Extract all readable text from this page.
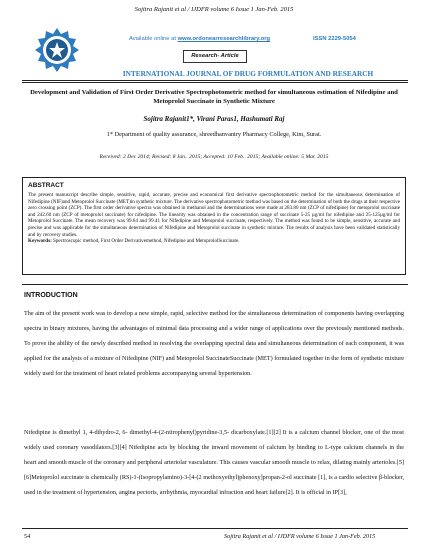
Sojitra Rajanit et al / IJDFR volume 6 Issue 1 Jan-Feb. 2015
Available online at www.ordonearresearchlibrary.org	ISSN 2229-5054
Research- Article
INTERNATIONAL JOURNAL OF DRUG FORMULATION AND RESEARCH
Development and Validation of First Order Derivative Spectrophotometric method for simultaneous estimation of Nifedipine and Metoprolol Succinate in Synthetic Mixture
Sojitra Rajanit1*, Virani Paras1, Hashumati Raj
1* Department of quality assurance, shreedhanvantry Pharmacy College, Kim, Surat.
Received: 2 Dec 2014; Revised: 8 Jan.. 2015; Accepted: 10 Feb.. 2015; Available online: 5 Mar. 2015
ABSTRACT
The present manuscript describe simple, sensitive, rapid, accurate, precise and economical first derivative spectrophotometric method for the simultaneous determination of Nifedipine (NIF)and Metoprolol Succinate (MET)in synthetic mixture. The derivative spectrophotometric method was based on the determination of both the drugs at their respective zero crossing point (ZCP). The first order derivative spectra was obtained in methanol and the determinations were made at 283.80 nm (ZCP of nifedipine) for metoprolol succinate and 242.60 nm (ZCP of metoprolol succinate) for nifedipine. The linearity was obtained in the concentration range of succinate 5-25 μg/ml for nifedipine and 25-125μg/ml for Metoprolol Succinate. The mean recovery was 99.64 and 99.41 for Nifedipine and Metoprolol succinate, respectively. The method was found to be simple, sensitive, accurate and precise and was applicable for the simultaneous determination of Nifedipine and Metoprolol succinate in synthetic mixture. The results of analysis have been validated statistically and by recovery studies.
Keywords: Spectroscopic method, First Order Derivativemethod, Nifedipine and MetoprololSuccinate.
INTRODUCTION
The aim of the present work was to develop a new simple, rapid, selective method for the simultaneous determination of components having overlapping spectra in binary mixtures, having the advantages of minimal data processing and a wider range of applications over the previously mentioned methods. To prove the ability of the newly described method in resolving the overlapping spectral data and simultaneous determination of each component, it was applied for the analysis of a mixture of Nifedipine (NIF) and Metoprolol SuccinateSuccinate (MET) formulated together in the form of synthetic mixture widely used for the treatment of heart related problems accompanying several hypertension.
Nifedipine is dimethyl 1, 4-dihydro-2, 6- dimethyl-4-(2-nitrophenyl)pyridine-3,5- dicarboxylate.[1][2] It is a calcium channel blocker, one of the most widely used coronary vasodilators.[3][4] Nifedipine acts by blocking the inward movement of calcium by binding to L-type calcium channels in the heart and smooth muscle of the coronary and peripheral arteriolar vasculature. This causes vascular smooth muscle to relax, dilating mainly arterioles.[5][6]Metoprolol succinate is chemically (RS)-1-(Isopropylamino)-3-[4-(2 methoxyethyl)phenoxy]propan-2-ol succinate [1], is a cardio selective β-blocker, used in the treatment of hypertension, angina pectoris, arrhythmia, myocardial infraction and heart failure[2]. It is official in IP[3],
54	Sojitra Rajanit et al / IJDFR volume 6 Issue 1 Jan-Feb. 2015
